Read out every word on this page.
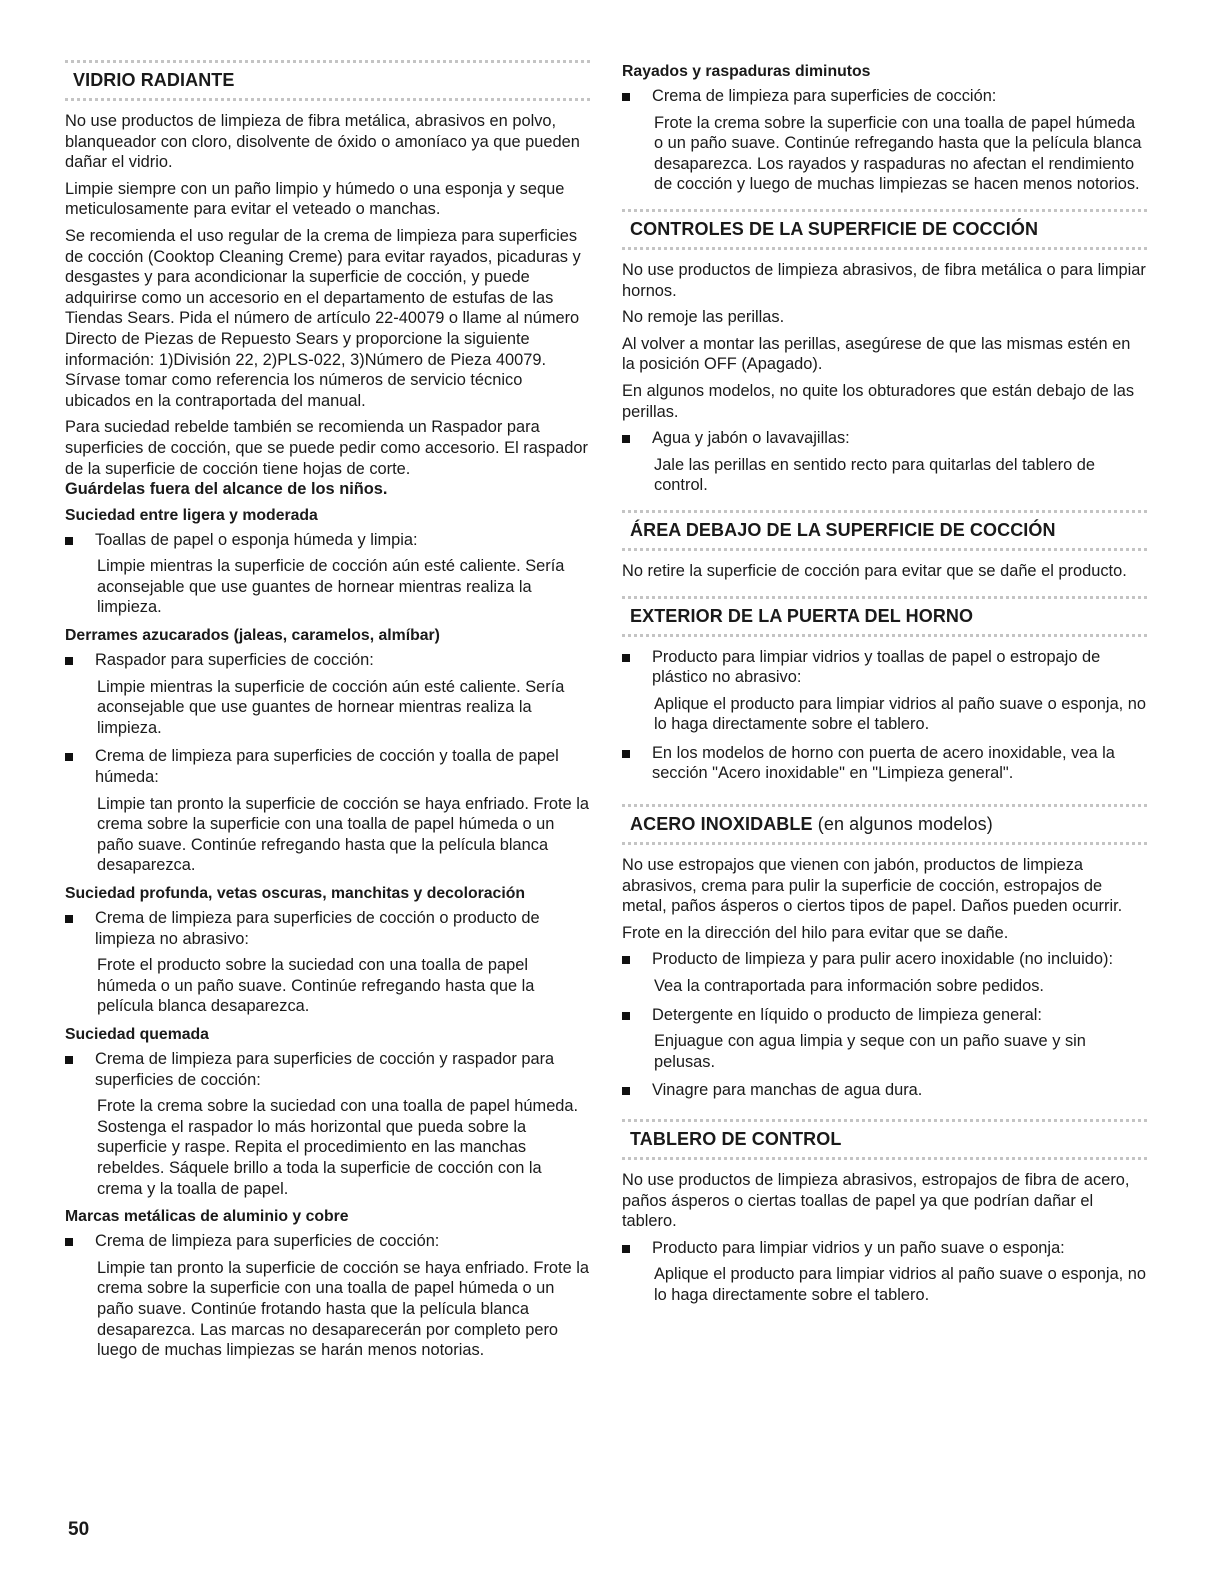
VIDRIO RADIANTE

No use productos de limpieza de fibra metálica, abrasivos en polvo, blanqueador con cloro, disolvente de óxido o amoníaco ya que pueden dañar el vidrio.

Limpie siempre con un paño limpio y húmedo o una esponja y seque meticulosamente para evitar el veteado o manchas.

Se recomienda el uso regular de la crema de limpieza para superficies de cocción (Cooktop Cleaning Creme) para evitar rayados, picaduras y desgastes y para acondicionar la superficie de cocción, y puede adquirirse como un accesorio en el departamento de estufas de las Tiendas Sears. Pida el número de artículo 22-40079 o llame al número Directo de Piezas de Repuesto Sears y proporcione la siguiente información: 1)División 22, 2)PLS-022, 3)Número de Pieza 40079. Sírvase tomar como referencia los números de servicio técnico ubicados en la contraportada del manual.

Para suciedad rebelde también se recomienda un Raspador para superficies de cocción, que se puede pedir como accesorio. El raspador de la superficie de cocción tiene hojas de corte.
Guárdelas fuera del alcance de los niños.

Suciedad entre ligera y moderada
Toallas de papel o esponja húmeda y limpia:

Limpie mientras la superficie de cocción aún esté caliente. Sería aconsejable que use guantes de hornear mientras realiza la limpieza.

Derrames azucarados (jaleas, caramelos, almíbar)
Raspador para superficies de cocción:

Limpie mientras la superficie de cocción aún esté caliente. Sería aconsejable que use guantes de hornear mientras realiza la limpieza.

Crema de limpieza para superficies de cocción y toalla de papel húmeda:

Limpie tan pronto la superficie de cocción se haya enfriado. Frote la crema sobre la superficie con una toalla de papel húmeda o un paño suave. Continúe refregando hasta que la película blanca desaparezca.

Suciedad profunda, vetas oscuras, manchitas y decoloración
Crema de limpieza para superficies de cocción o producto de limpieza no abrasivo:

Frote el producto sobre la suciedad con una toalla de papel húmeda o un paño suave. Continúe refregando hasta que la película blanca desaparezca.

Suciedad quemada
Crema de limpieza para superficies de cocción y raspador para superficies de cocción:

Frote la crema sobre la suciedad con una toalla de papel húmeda. Sostenga el raspador lo más horizontal que pueda sobre la superficie y raspe. Repita el procedimiento en las manchas rebeldes. Sáquele brillo a toda la superficie de cocción con la crema y la toalla de papel.

Marcas metálicas de aluminio y cobre
Crema de limpieza para superficies de cocción:

Limpie tan pronto la superficie de cocción se haya enfriado. Frote la crema sobre la superficie con una toalla de papel húmeda o un paño suave. Continúe frotando hasta que la película blanca desaparezca. Las marcas no desaparecerán por completo pero luego de muchas limpiezas se harán menos notorias.

Rayados y raspaduras diminutos
Crema de limpieza para superficies de cocción:

Frote la crema sobre la superficie con una toalla de papel húmeda o un paño suave. Continúe refregando hasta que la película blanca desaparezca. Los rayados y raspaduras no afectan el rendimiento de cocción y luego de muchas limpiezas se hacen menos notorios.

CONTROLES DE LA SUPERFICIE DE COCCIÓN

No use productos de limpieza abrasivos, de fibra metálica o para limpiar hornos.

No remoje las perillas.

Al volver a montar las perillas, asegúrese de que las mismas estén en la posición OFF (Apagado).

En algunos modelos, no quite los obturadores que están debajo de las perillas.

Agua y jabón o lavavajillas:

Jale las perillas en sentido recto para quitarlas del tablero de control.

ÁREA DEBAJO DE LA SUPERFICIE DE COCCIÓN

No retire la superficie de cocción para evitar que se dañe el producto.

EXTERIOR DE LA PUERTA DEL HORNO
Producto para limpiar vidrios y toallas de papel o estropajo de plástico no abrasivo:

Aplique el producto para limpiar vidrios al paño suave o esponja, no lo haga directamente sobre el tablero.

En los modelos de horno con puerta de acero inoxidable, vea la sección "Acero inoxidable" en "Limpieza general".
ACERO INOXIDABLE (en algunos modelos)

No use estropajos que vienen con jabón, productos de limpieza abrasivos, crema para pulir la superficie de cocción, estropajos de metal, paños ásperos o ciertos tipos de papel. Daños pueden ocurrir.

Frote en la dirección del hilo para evitar que se dañe.

Producto de limpieza y para pulir acero inoxidable (no incluido):

Vea la contraportada para información sobre pedidos.

Detergente en líquido o producto de limpieza general:

Enjuague con agua limpia y seque con un paño suave y sin pelusas.

Vinagre para manchas de agua dura.
TABLERO DE CONTROL

No use productos de limpieza abrasivos, estropajos de fibra de acero, paños ásperos o ciertas toallas de papel ya que podrían dañar el tablero.

Producto para limpiar vidrios y un paño suave o esponja:

Aplique el producto para limpiar vidrios al paño suave o esponja, no lo haga directamente sobre el tablero.

50
